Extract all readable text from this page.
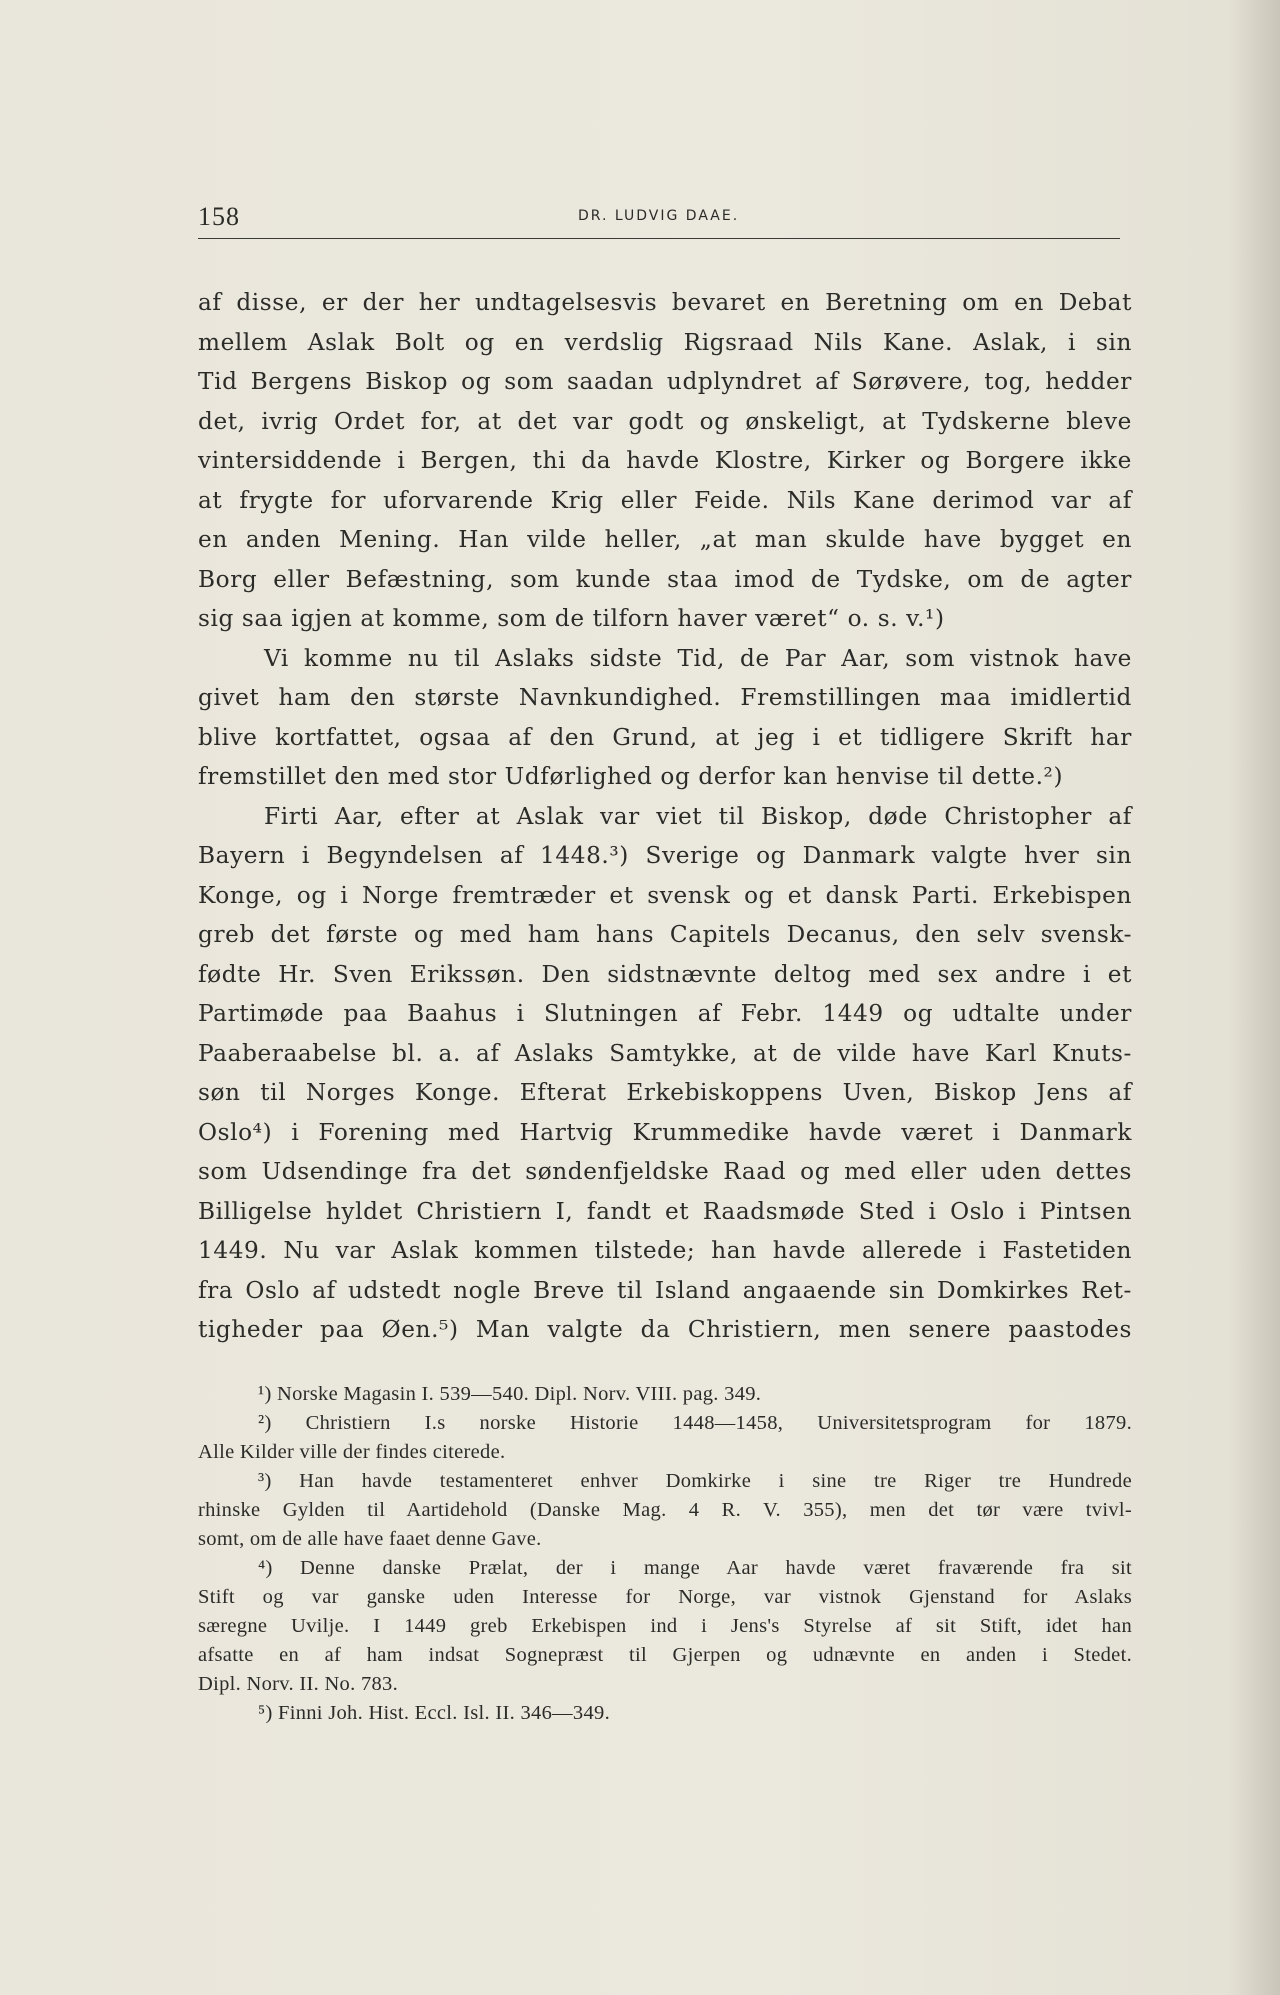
158	DR. LUDVIG DAAE.
af disse, er der her undtagelsesvis bevaret en Beretning om en Debat
mellem Aslak Bolt og en verdslig Rigsraad Nils Kane. Aslak, i sin
Tid Bergens Biskop og som saadan udplyndret af Sørøvere, tog, hedder
det, ivrig Ordet for, at det var godt og ønskeligt, at Tydskerne bleve
vintersiddende i Bergen, thi da havde Klostre, Kirker og Borgere ikke
at frygte for uforvarende Krig eller Feide. Nils Kane derimod var af
en anden Mening. Han vilde heller, „at man skulde have bygget en
Borg eller Befæstning, som kunde staa imod de Tydske, om de agter
sig saa igjen at komme, som de tilforn haver været“ o. s. v.¹)
Vi komme nu til Aslaks sidste Tid, de Par Aar, som vistnok have
givet ham den største Navnkundighed. Fremstillingen maa imidlertid
blive kortfattet, ogsaa af den Grund, at jeg i et tidligere Skrift har
fremstillet den med stor Udførlighed og derfor kan henvise til dette.²)
Firti Aar, efter at Aslak var viet til Biskop, døde Christopher af
Bayern i Begyndelsen af 1448.³) Sverige og Danmark valgte hver sin
Konge, og i Norge fremtræder et svensk og et dansk Parti. Erkebispen
greb det første og med ham hans Capitels Decanus, den selv svensk-
fødte Hr. Sven Erikssøn. Den sidstnævnte deltog med sex andre i et
Partimøde paa Baahus i Slutningen af Febr. 1449 og udtalte under
Paaberaabelse bl. a. af Aslaks Samtykke, at de vilde have Karl Knuts-
søn til Norges Konge. Efterat Erkebiskoppens Uven, Biskop Jens af
Oslo⁴) i Forening med Hartvig Krummedike havde været i Danmark
som Udsendinge fra det søndenfjeldske Raad og med eller uden dettes
Billigelse hyldet Christiern I, fandt et Raadsmøde Sted i Oslo i Pintsen
1449. Nu var Aslak kommen tilstede; han havde allerede i Fastetiden
fra Oslo af udstedt nogle Breve til Island angaaende sin Domkirkes Ret-
tigheder paa Øen.⁵) Man valgte da Christiern, men senere paastodes
¹) Norske Magasin I. 539—540. Dipl. Norv. VIII. pag. 349.
²) Christiern I.s norske Historie 1448—1458, Universitetsprogram for 1879.
Alle Kilder ville der findes citerede.
³) Han havde testamenteret enhver Domkirke i sine tre Riger tre Hundrede
rhinske Gylden til Aartidehold (Danske Mag. 4 R. V. 355), men det tør være tvivl-
somt, om de alle have faaet denne Gave.
⁴) Denne danske Prælat, der i mange Aar havde været fraværende fra sit
Stift og var ganske uden Interesse for Norge, var vistnok Gjenstand for Aslaks
særegne Uvilje. I 1449 greb Erkebispen ind i Jens's Styrelse af sit Stift, idet han
afsatte en af ham indsat Sognepræst til Gjerpen og udnævnte en anden i Stedet.
Dipl. Norv. II. No. 783.
⁵) Finni Joh. Hist. Eccl. Isl. II. 346—349.
